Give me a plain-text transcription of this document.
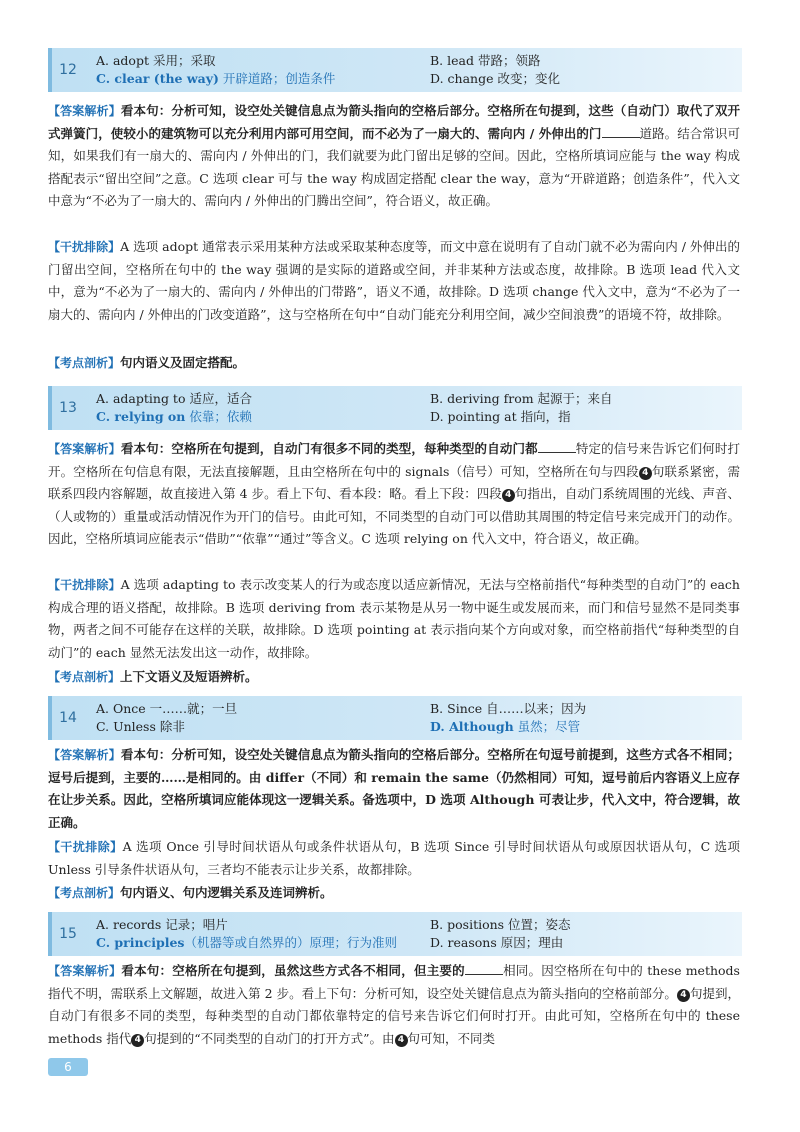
12
A. adopt 采用；采取	B. lead 带路；领路
C. clear (the way) 开辟道路；创造条件	D. change 改变；变化
【答案解析】看本句：分析可知，设空处关键信息点为箭头指向的空格后部分。空格所在句提到，这些（自动门）取代了双开式弹簧门，使较小的建筑物可以充分利用内部可用空间，而不必为了一扇大的、需向内 / 外伸出的门	道路。结合常识可知，如果我们有一扇大的、需向内 / 外伸出的门，我们就要为此门留出足够的空间。因此，空格所填词应能与 the way 构成搭配表示“留出空间”之意。C 选项 clear 可与 the way 构成固定搭配 clear the way，意为“开辟道路；创造条件”，代入文中意为“不必为了一扇大的、需向内 / 外伸出的门腾出空间”，符合语义，故正确。
【干扰排除】A 选项 adopt 通常表示采用某种方法或采取某种态度等，而文中意在说明有了自动门就不必为需向内 / 外伸出的门留出空间，空格所在句中的 the way 强调的是实际的道路或空间，并非某种方法或态度，故排除。B 选项 lead 代入文中，意为“不必为了一扇大的、需向内 / 外伸出的门带路”，语义不通，故排除。D 选项 change 代入文中，意为“不必为了一扇大的、需向内 / 外伸出的门改变道路”，这与空格所在句中“自动门能充分利用空间，减少空间浪费”的语境不符，故排除。
【考点剖析】句内语义及固定搭配。
13
A. adapting to 适应，适合	B. deriving from 起源于；来自
C. relying on 依靠；依赖	D. pointing at 指向，指
【答案解析】看本句：空格所在句提到，自动门有很多不同的类型，每种类型的自动门都	特定的信号来告诉它们何时打开。空格所在句信息有限，无法直接解题，且由空格所在句中的 signals（信号）可知，空格所在句与四段 4 句联系紧密，需联系四段内容解题，故直接进入第 4 步。看上下句、看本段：略。看上下段：四段 4 句指出，自动门系统周围的光线、声音、（人或物的）重量或活动情况作为开门的信号。由此可知，不同类型的自动门可以借助其周围的特定信号来完成开门的动作。因此，空格所填词应能表示“借助”“依靠”“通过”等含义。C 选项 relying on 代入文中，符合语义，故正确。
【干扰排除】A 选项 adapting to 表示改变某人的行为或态度以适应新情况，无法与空格前指代“每种类型的自动门”的 each 构成合理的语义搭配，故排除。B 选项 deriving from 表示某物是从另一物中诞生或发展而来，而门和信号显然不是同类事物，两者之间不可能存在这样的关联，故排除。D 选项 pointing at 表示指向某个方向或对象，而空格前指代“每种类型的自动门”的 each 显然无法发出这一动作，故排除。
【考点剖析】上下文语义及短语辨析。
14
A. Once 一……就；一旦	B. Since 自……以来；因为
C. Unless 除非	D. Although 虽然；尽管
【答案解析】看本句：分析可知，设空处关键信息点为箭头指向的空格后部分。空格所在句逗号前提到，这些方式各不相同；逗号后提到，主要的……是相同的。由 differ（不同）和 remain the same（仍然相同）可知，逗号前后内容语义上应存在让步关系。因此，空格所填词应能体现这一逻辑关系。备选项中，D 选项 Although 可表让步，代入文中，符合逻辑，故正确。
【干扰排除】A 选项 Once 引导时间状语从句或条件状语从句，B 选项 Since 引导时间状语从句或原因状语从句，C 选项 Unless 引导条件状语从句，三者均不能表示让步关系，故都排除。
【考点剖析】句内语义、句内逻辑关系及连词辨析。
15
A. records 记录；唱片	B. positions 位置；姿态
C. principles（机器等或自然界的）原理；行为准则	D. reasons 原因；理由
【答案解析】看本句：空格所在句提到，虽然这些方式各不相同，但主要的	相同。因空格所在句中的 these methods 指代不明，需联系上文解题，故进入第 2 步。看上下句：分析可知，设空处关键信息点为箭头指向的空格前部分。 4 句提到，自动门有很多不同的类型，每种类型的自动门都依靠特定的信号来告诉它们何时打开。由此可知，空格所在句中的 these methods 指代 4 句提到的“不同类型的自动门的打开方式”。由 4 句可知，不同类
6
